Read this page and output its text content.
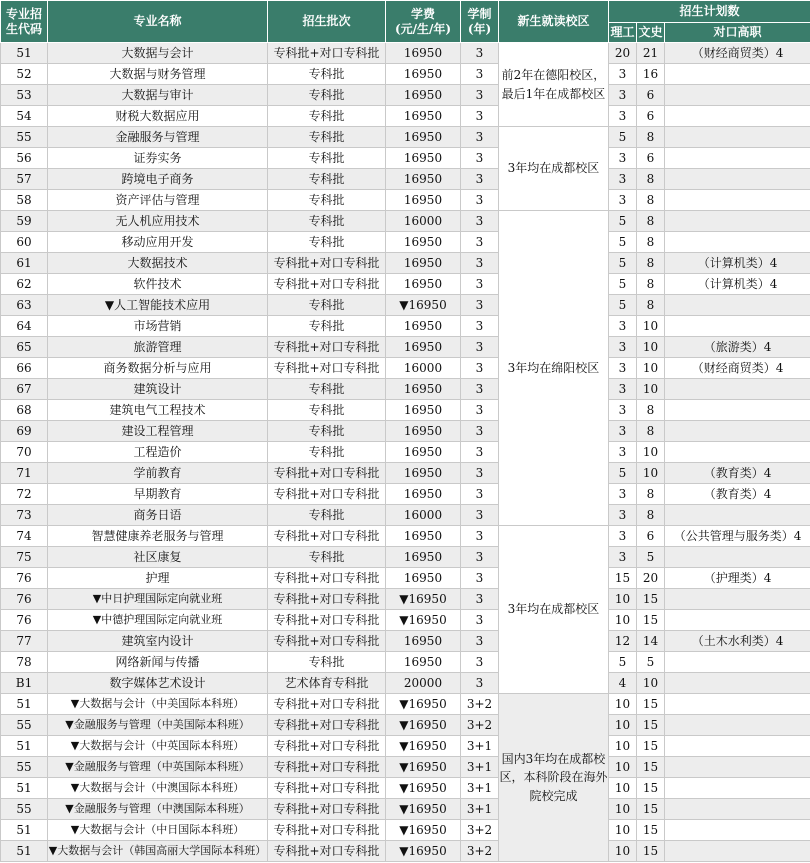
专业招
生代码	专业名称	招生批次	学费
(元/生/年)	学制
(年)	新生就读校区	招生计划数		
						理工	文史	对口高职
51	大数据与会计	专科批+对口专科批	16950	3	前2年在德阳校区，最后1年在成都校区	20	21	（财经商贸类）4
52	大数据与财务管理	专科批	16950	3		3	16	
53	大数据与审计	专科批	16950	3		3	6	
54	财税大数据应用	专科批	16950	3		3	6	
55	金融服务与管理	专科批	16950	3	3年均在成都校区	5	8	
56	证券实务	专科批	16950	3		3	6	
57	跨境电子商务	专科批	16950	3		3	8	
58	资产评估与管理	专科批	16950	3		3	8	
59	无人机应用技术	专科批	16000	3	3年均在绵阳校区	5	8	
60	移动应用开发	专科批	16950	3		5	8	
61	大数据技术	专科批+对口专科批	16950	3		5	8	（计算机类）4
62	软件技术	专科批+对口专科批	16950	3		5	8	（计算机类）4
63	▼人工智能技术应用	专科批	▼16950	3		5	8	
64	市场营销	专科批	16950	3		3	10	
65	旅游管理	专科批+对口专科批	16950	3		3	10	（旅游类）4
66	商务数据分析与应用	专科批+对口专科批	16000	3		3	10	（财经商贸类）4
67	建筑设计	专科批	16950	3		3	10	
68	建筑电气工程技术	专科批	16950	3		3	8	
69	建设工程管理	专科批	16950	3		3	8	
70	工程造价	专科批	16950	3		3	10	
71	学前教育	专科批+对口专科批	16950	3		5	10	（教育类）4
72	早期教育	专科批+对口专科批	16950	3		3	8	（教育类）4
73	商务日语	专科批	16000	3		3	8	
74	智慧健康养老服务与管理	专科批+对口专科批	16950	3	3年均在成都校区	3	6	（公共管理与服务类）4
75	社区康复	专科批	16950	3		3	5	
76	护理	专科批+对口专科批	16950	3		15	20	（护理类）4
76	▼中日护理国际定向就业班	专科批+对口专科批	▼16950	3		10	15	
76	▼中德护理国际定向就业班	专科批+对口专科批	▼16950	3		10	15	
77	建筑室内设计	专科批+对口专科批	16950	3		12	14	（土木水利类）4
78	网络新闻与传播	专科批	16950	3		5	5	
B1	数字媒体艺术设计	艺术体育专科批	20000	3		4	10	
51	▼大数据与会计（中美国际本科班）	专科批+对口专科批	▼16950	3+2	国内3年均在成都校区，本科阶段在海外院校完成	10	15	
55	▼金融服务与管理（中美国际本科班）	专科批+对口专科批	▼16950	3+2		10	15	
51	▼大数据与会计（中英国际本科班）	专科批+对口专科批	▼16950	3+1		10	15	
55	▼金融服务与管理（中英国际本科班）	专科批+对口专科批	▼16950	3+1		10	15	
51	▼大数据与会计（中澳国际本科班）	专科批+对口专科批	▼16950	3+1		10	15	
55	▼金融服务与管理（中澳国际本科班）	专科批+对口专科批	▼16950	3+1		10	15	
51	▼大数据与会计（中日国际本科班）	专科批+对口专科批	▼16950	3+2		10	15	
51	▼大数据与会计（韩国高丽大学国际本科班）	专科批+对口专科批	▼16950	3+2		10	15	
